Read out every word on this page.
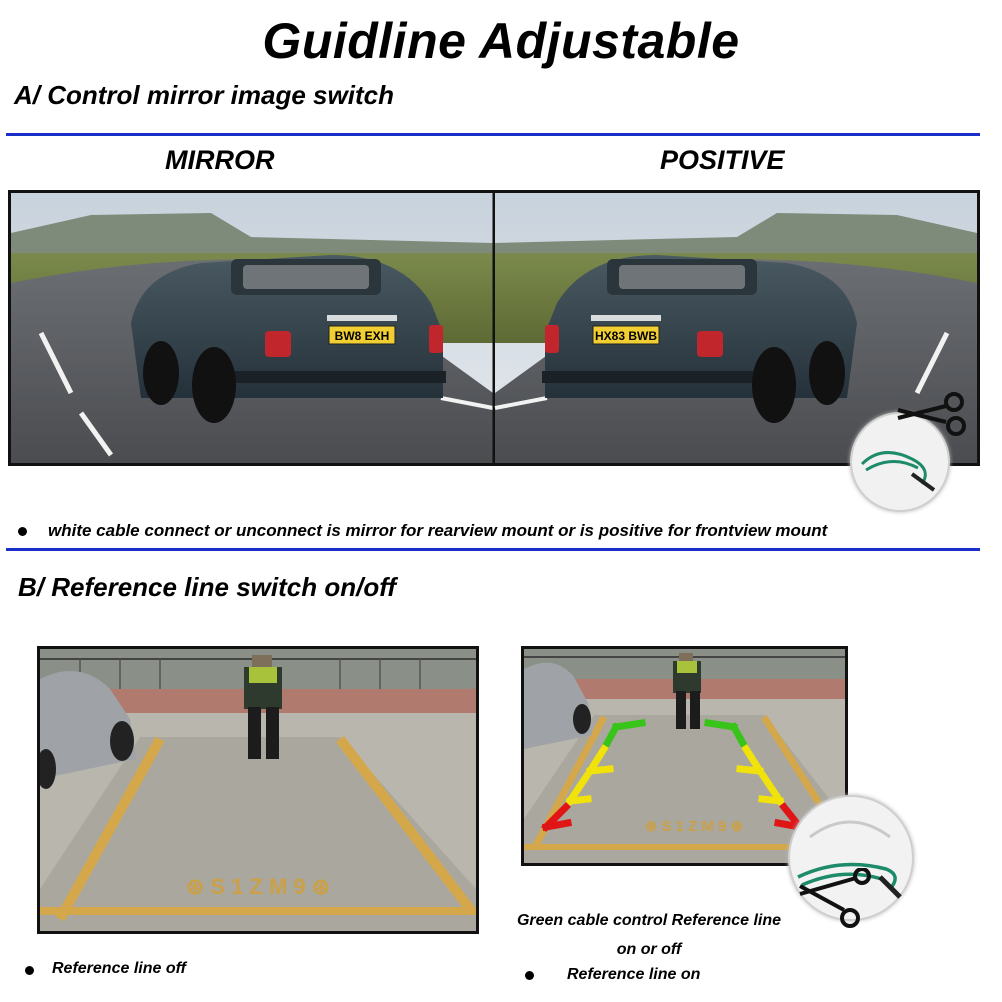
Guidline Adjustable
A/ Control mirror image switch
MIRROR	POSITIVE
BW8 EXH	HX83 BWB
white cable connect or unconnect is mirror for rearview mount or is positive for frontview mount
B/ Reference line switch on/off
⊛ S 1 Z M 9 ⊛
⊛ S 1 Z M 9 ⊛
Green cable control Reference line
on or off
Reference line off	Reference line on
